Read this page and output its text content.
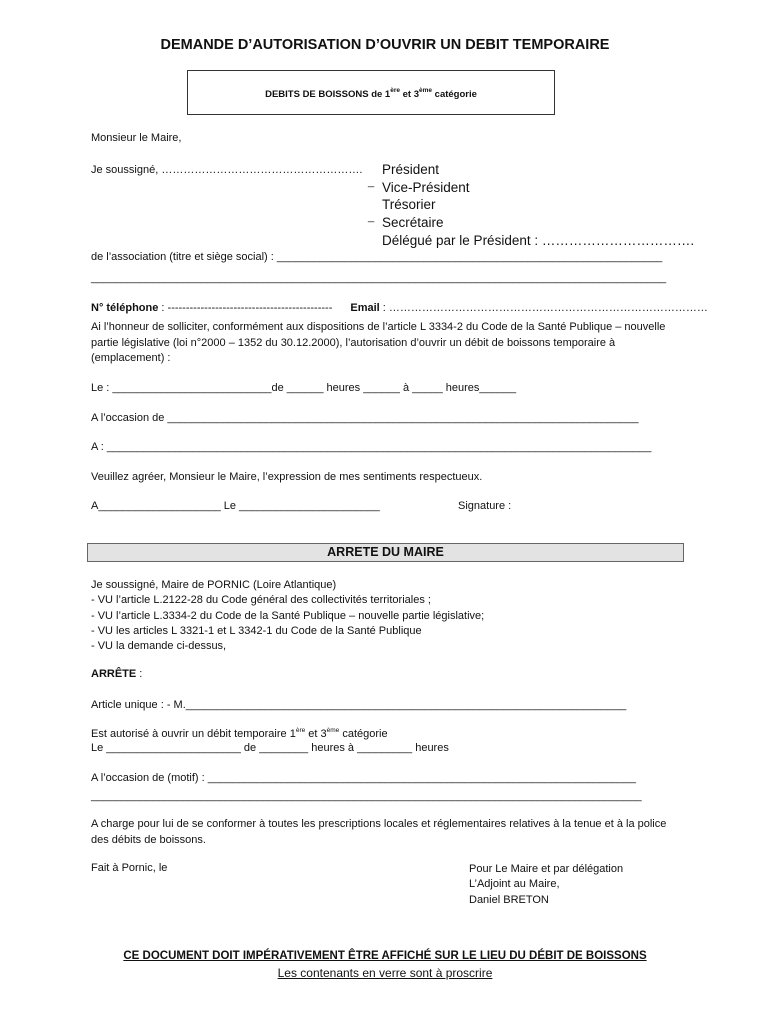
DEMANDE D’AUTORISATION D’OUVRIR UN DEBIT TEMPORAIRE
DEBITS DE BOISSONS de 1ère et 3ème catégorie
Monsieur le Maire,
Je soussigné, ……………………………………………….
_
_
Président
Vice-Président
Trésorier
Secrétaire
Délégué par le Président : …………………………….
de l’association (titre et siège social) : _______________________________________________________________
______________________________________________________________________________________________
N° téléphone : --------------------------------------------- Email : ……………………………………………………………………………
Ai l’honneur de solliciter, conformément aux dispositions de l’article L 3334-2 du Code de la Santé Publique – nouvelle partie législative (loi n°2000 – 1352 du 30.12.2000), l’autorisation d’ouvrir un débit de boissons temporaire à (emplacement) :
Le : __________________________de ______ heures ______ à _____ heures______
A l’occasion de _____________________________________________________________________________
A : _________________________________________________________________________________________
Veuillez agréer, Monsieur le Maire, l’expression de mes sentiments respectueux.
A____________________ Le _______________________	Signature :
ARRETE DU MAIRE
Je soussigné, Maire de PORNIC (Loire Atlantique)
- VU l’article L.2122-28 du Code général des collectivités territoriales ;
- VU l’article L.3334-2 du Code de la Santé Publique – nouvelle partie législative;
- VU les articles L 3321-1 et L 3342-1 du Code de la Santé Publique
- VU la demande ci-dessus,
ARRÊTE :
Article unique : - M.________________________________________________________________________
Est autorisé à ouvrir un débit temporaire 1ère et 3ème catégorie
Le ______________________ de ________ heures à _________ heures
A l’occasion de (motif) : ______________________________________________________________________
__________________________________________________________________________________________
A charge pour lui de se conformer à toutes les prescriptions locales et réglementaires relatives à la tenue et à la police des débits de boissons.
Fait à Pornic, le	Pour Le Maire et par délégation
L’Adjoint au Maire,
Daniel BRETON
CE DOCUMENT DOIT IMPÉRATIVEMENT ÊTRE AFFICHÉ SUR LE LIEU DU DÉBIT DE BOISSONS
Les contenants en verre sont à proscrire
